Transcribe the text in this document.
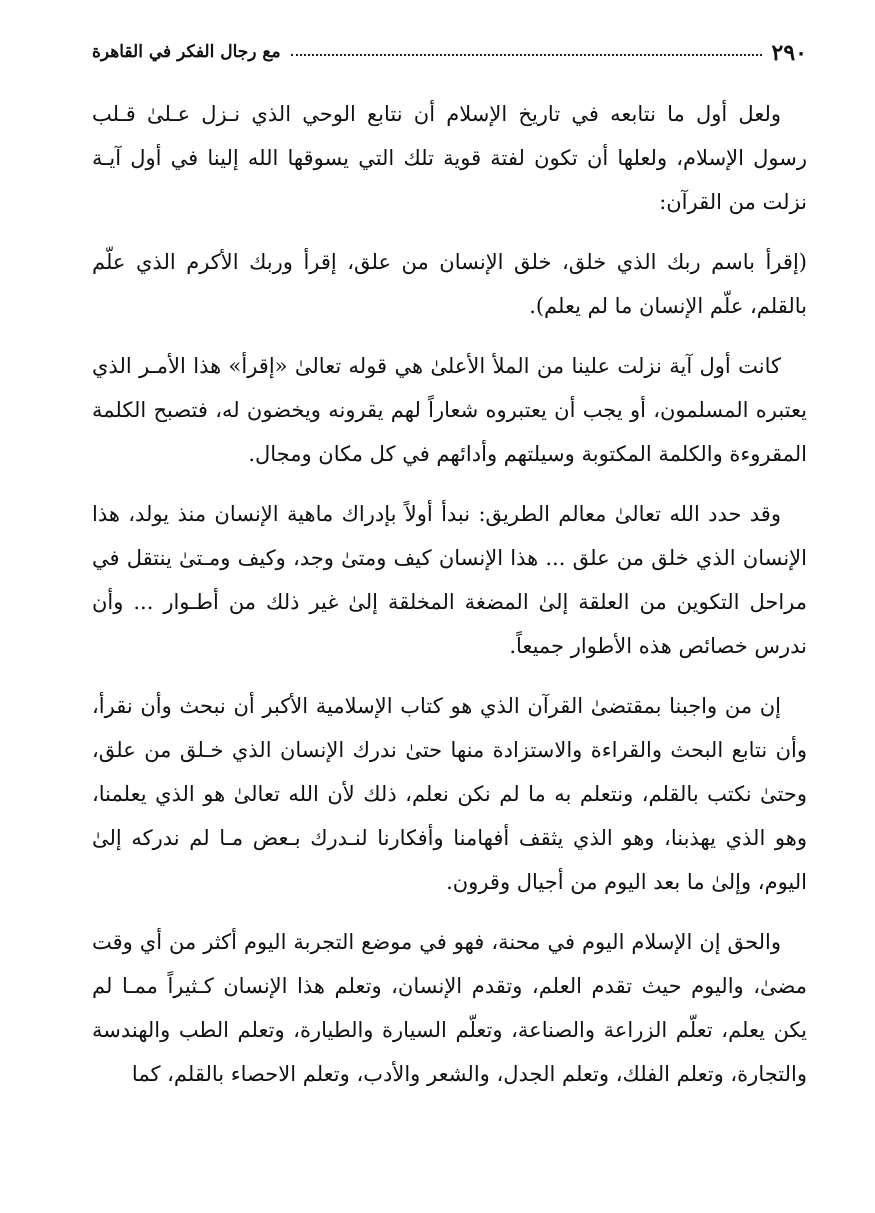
٢٩٠
مع رجال الفكر في القاهرة

ولعل أول ما نتابعه في تاريخ الإسلام أن نتابع الوحي الذي نـزل عـلىٰ قـلب رسول الإسلام، ولعلها أن تكون لفتة قوية تلك التي يسوقها الله إلينا في أول آيـة نزلت من القرآن:

(إقرأ باسم ربك الذي خلق، خلق الإنسان من علق، إقرأ وربك الأكرم الذي علّم بالقلم، علّم الإنسان ما لم يعلم).

كانت أول آية نزلت علينا من الملأ الأعلىٰ هي قوله تعالىٰ «إقرأ» هذا الأمـر الذي يعتبره المسلمون، أو يجب أن يعتبروه شعاراً لهم يقرونه ويخضون له، فتصبح الكلمة المقروءة والكلمة المكتوبة وسيلتهم وأدائهم في كل مكان ومجال.

وقد حدد الله تعالىٰ معالم الطريق: نبدأ أولاً بإدراك ماهية الإنسان منذ يولد، هذا الإنسان الذي خلق من علق ... هذا الإنسان كيف ومتىٰ وجد، وكيف ومـتىٰ ينتقل في مراحل التكوين من العلقة إلىٰ المضغة المخلقة إلىٰ غير ذلك من أطـوار ... وأن ندرس خصائص هذه الأطوار جميعاً.

إن من واجبنا بمقتضىٰ القرآن الذي هو كتاب الإسلامية الأكبر أن نبحث وأن نقرأ، وأن نتابع البحث والقراءة والاستزادة منها حتىٰ ندرك الإنسان الذي خـلق من علق، وحتىٰ نكتب بالقلم، ونتعلم به ما لم نكن نعلم، ذلك لأن الله تعالىٰ هو الذي يعلمنا، وهو الذي يهذبنا، وهو الذي يثقف أفهامنا وأفكارنا لنـدرك بـعض مـا لم ندركه إلىٰ اليوم، وإلىٰ ما بعد اليوم من أجيال وقرون.

والحق إن الإسلام اليوم في محنة، فهو في موضع التجربة اليوم أكثر من أي وقت مضىٰ، واليوم حيث تقدم العلم، وتقدم الإنسان، وتعلم هذا الإنسان كـثيراً ممـا لم يكن يعلم، تعلّم الزراعة والصناعة، وتعلّم السيارة والطيارة، وتعلم الطب والهندسة والتجارة، وتعلم الفلك، وتعلم الجدل، والشعر والأدب، وتعلم الاحصاء بالقلم، كما
